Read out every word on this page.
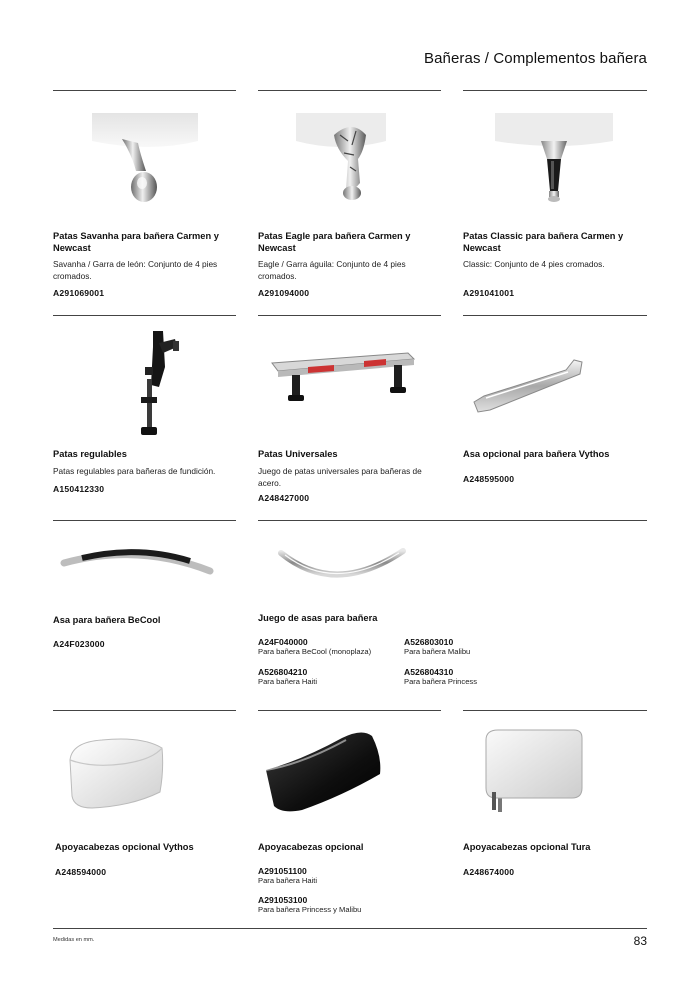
Bañeras / Complementos bañera
Patas Savanha para bañera Carmen y Newcast
Savanha / Garra de león: Conjunto de 4 pies cromados.
A291069001
Patas Eagle para bañera Carmen y Newcast
Eagle / Garra águila: Conjunto de 4 pies cromados.
A291094000
Patas Classic para bañera Carmen y Newcast
Classic: Conjunto de 4 pies cromados.
A291041001
Patas regulables
Patas regulables para bañeras de fundición.
A150412330
Patas Universales
Juego de patas universales para bañeras de acero.
A248427000
Asa opcional para bañera Vythos
A248595000
Asa para bañera BeCool
A24F023000
Juego de asas para bañera
A24F040000
Para bañera BeCool (monoplaza)
A526803010
Para bañera Malibu
A526804210
Para bañera Haiti
A526804310
Para bañera Princess
Apoyacabezas opcional Vythos
A248594000
Apoyacabezas opcional
A291051100
Para bañera Haiti
A291053100
Para bañera Princess y Malibu
Apoyacabezas opcional Tura
A248674000
Medidas en mm.	83
